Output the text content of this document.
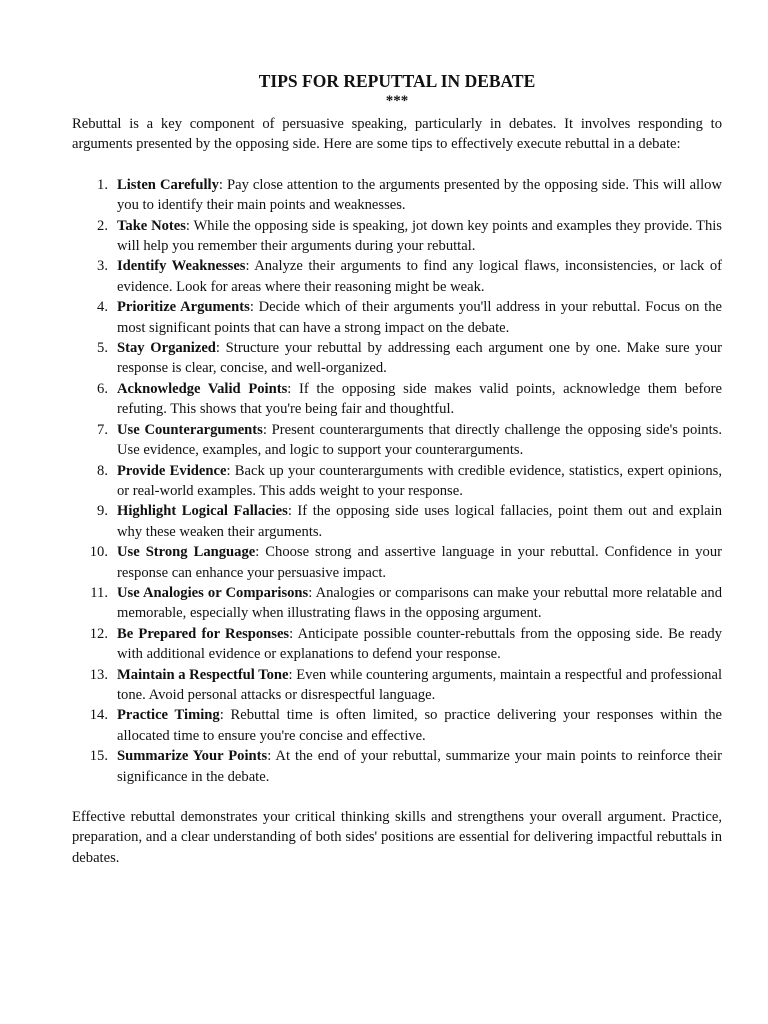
TIPS FOR REPUTTAL IN DEBATE
***

Rebuttal is a key component of persuasive speaking, particularly in debates. It involves responding to arguments presented by the opposing side. Here are some tips to effectively execute rebuttal in a debate:

1. Listen Carefully: Pay close attention to the arguments presented by the opposing side. This will allow you to identify their main points and weaknesses.
2. Take Notes: While the opposing side is speaking, jot down key points and examples they provide. This will help you remember their arguments during your rebuttal.
3. Identify Weaknesses: Analyze their arguments to find any logical flaws, inconsistencies, or lack of evidence. Look for areas where their reasoning might be weak.
4. Prioritize Arguments: Decide which of their arguments you'll address in your rebuttal. Focus on the most significant points that can have a strong impact on the debate.
5. Stay Organized: Structure your rebuttal by addressing each argument one by one. Make sure your response is clear, concise, and well-organized.
6. Acknowledge Valid Points: If the opposing side makes valid points, acknowledge them before refuting. This shows that you're being fair and thoughtful.
7. Use Counterarguments: Present counterarguments that directly challenge the opposing side's points. Use evidence, examples, and logic to support your counterarguments.
8. Provide Evidence: Back up your counterarguments with credible evidence, statistics, expert opinions, or real-world examples. This adds weight to your response.
9. Highlight Logical Fallacies: If the opposing side uses logical fallacies, point them out and explain why these weaken their arguments.
10. Use Strong Language: Choose strong and assertive language in your rebuttal. Confidence in your response can enhance your persuasive impact.
11. Use Analogies or Comparisons: Analogies or comparisons can make your rebuttal more relatable and memorable, especially when illustrating flaws in the opposing argument.
12. Be Prepared for Responses: Anticipate possible counter-rebuttals from the opposing side. Be ready with additional evidence or explanations to defend your response.
13. Maintain a Respectful Tone: Even while countering arguments, maintain a respectful and professional tone. Avoid personal attacks or disrespectful language.
14. Practice Timing: Rebuttal time is often limited, so practice delivering your responses within the allocated time to ensure you're concise and effective.
15. Summarize Your Points: At the end of your rebuttal, summarize your main points to reinforce their significance in the debate.

Effective rebuttal demonstrates your critical thinking skills and strengthens your overall argument. Practice, preparation, and a clear understanding of both sides' positions are essential for delivering impactful rebuttals in debates.
